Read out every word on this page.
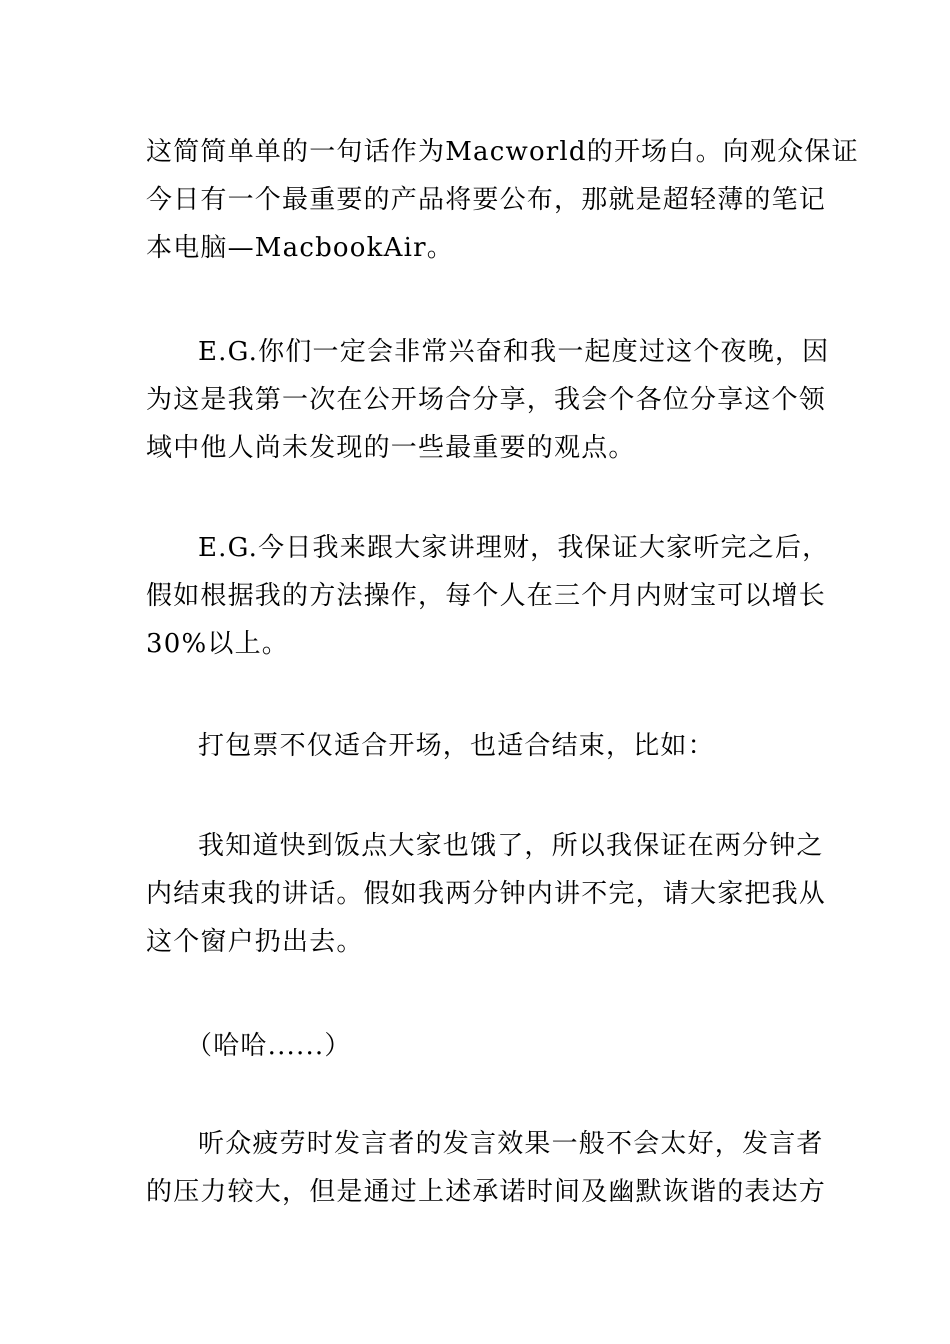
这简简单单的一句话作为Macworld的开场白。向观众保证
今日有一个最重要的产品将要公布，那就是超轻薄的笔记
本电脑—MacbookAir。
E.G.你们一定会非常兴奋和我一起度过这个夜晚，因
为这是我第一次在公开场合分享，我会个各位分享这个领
域中他人尚未发现的一些最重要的观点。
E.G.今日我来跟大家讲理财，我保证大家听完之后，
假如根据我的方法操作，每个人在三个月内财宝可以增长
30%以上。
打包票不仅适合开场，也适合结束，比如：
我知道快到饭点大家也饿了，所以我保证在两分钟之
内结束我的讲话。假如我两分钟内讲不完，请大家把我从
这个窗户扔出去。
（哈哈......）
听众疲劳时发言者的发言效果一般不会太好，发言者
的压力较大，但是通过上述承诺时间及幽默诙谐的表达方
